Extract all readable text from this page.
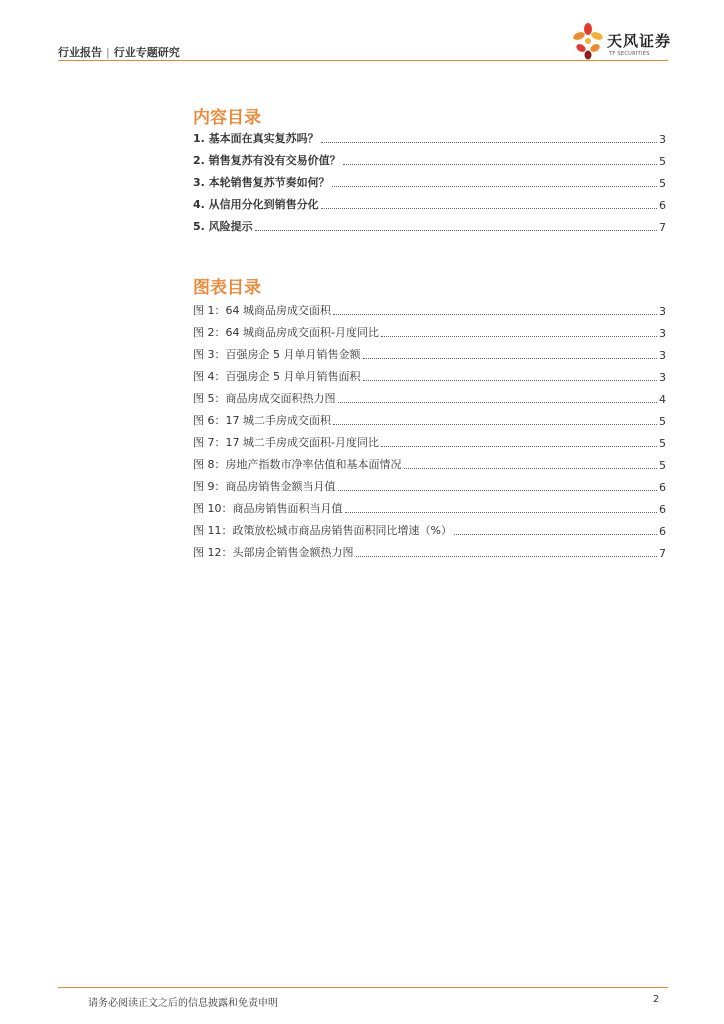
行业报告 | 行业专题研究
天风证券
TF SECURITIES
内容目录
1. 基本面在真实复苏吗？	3
2. 销售复苏有没有交易价值？	5
3. 本轮销售复苏节奏如何？	5
4. 从信用分化到销售分化	6
5. 风险提示	7
图表目录
图 1：64 城商品房成交面积	3
图 2：64 城商品房成交面积-月度同比	3
图 3：百强房企 5 月单月销售金额	3
图 4：百强房企 5 月单月销售面积	3
图 5：商品房成交面积热力图	4
图 6：17 城二手房成交面积	5
图 7：17 城二手房成交面积-月度同比	5
图 8：房地产指数市净率估值和基本面情况	5
图 9：商品房销售金额当月值	6
图 10：商品房销售面积当月值	6
图 11：政策放松城市商品房销售面积同比增速（%）	6
图 12：头部房企销售金额热力图	7
请务必阅读正文之后的信息披露和免责申明	2
